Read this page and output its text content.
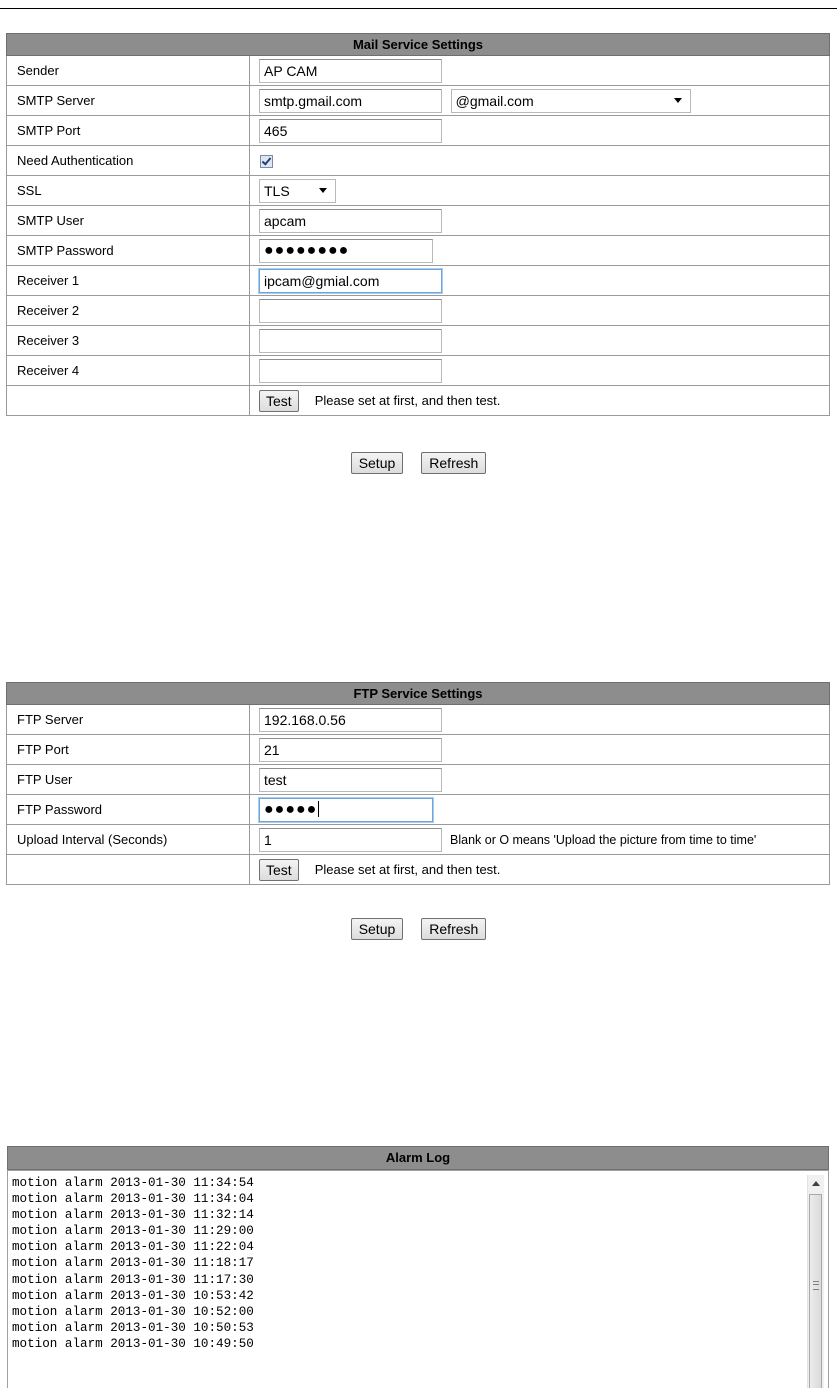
Mail Service Settings	
Sender	AP CAM
SMTP Server	smtp.gmail.com @gmail.com

SMTP Port	465
Need Authentication	

SSL	TLS

SMTP User	apcam
SMTP Password	●●●●●●●●
Receiver 1	ipcam@gmial.com
Receiver 2	
Receiver 3	
Receiver 4	
	Test Please set at first, and then test.
Setup Refresh
FTP Service Settings	
FTP Server	192.168.0.56
FTP Port	21
FTP User	test
FTP Password	●●●●●
Upload Interval (Seconds)	1 Blank or O means 'Upload the picture from time to time'
	Test Please set at first, and then test.
Setup Refresh
Alarm Log
motion alarm 2013-01-30 11:34:54
motion alarm 2013-01-30 11:34:04
motion alarm 2013-01-30 11:32:14
motion alarm 2013-01-30 11:29:00
motion alarm 2013-01-30 11:22:04
motion alarm 2013-01-30 11:18:17
motion alarm 2013-01-30 11:17:30
motion alarm 2013-01-30 10:53:42
motion alarm 2013-01-30 10:52:00
motion alarm 2013-01-30 10:50:53
motion alarm 2013-01-30 10:49:50
